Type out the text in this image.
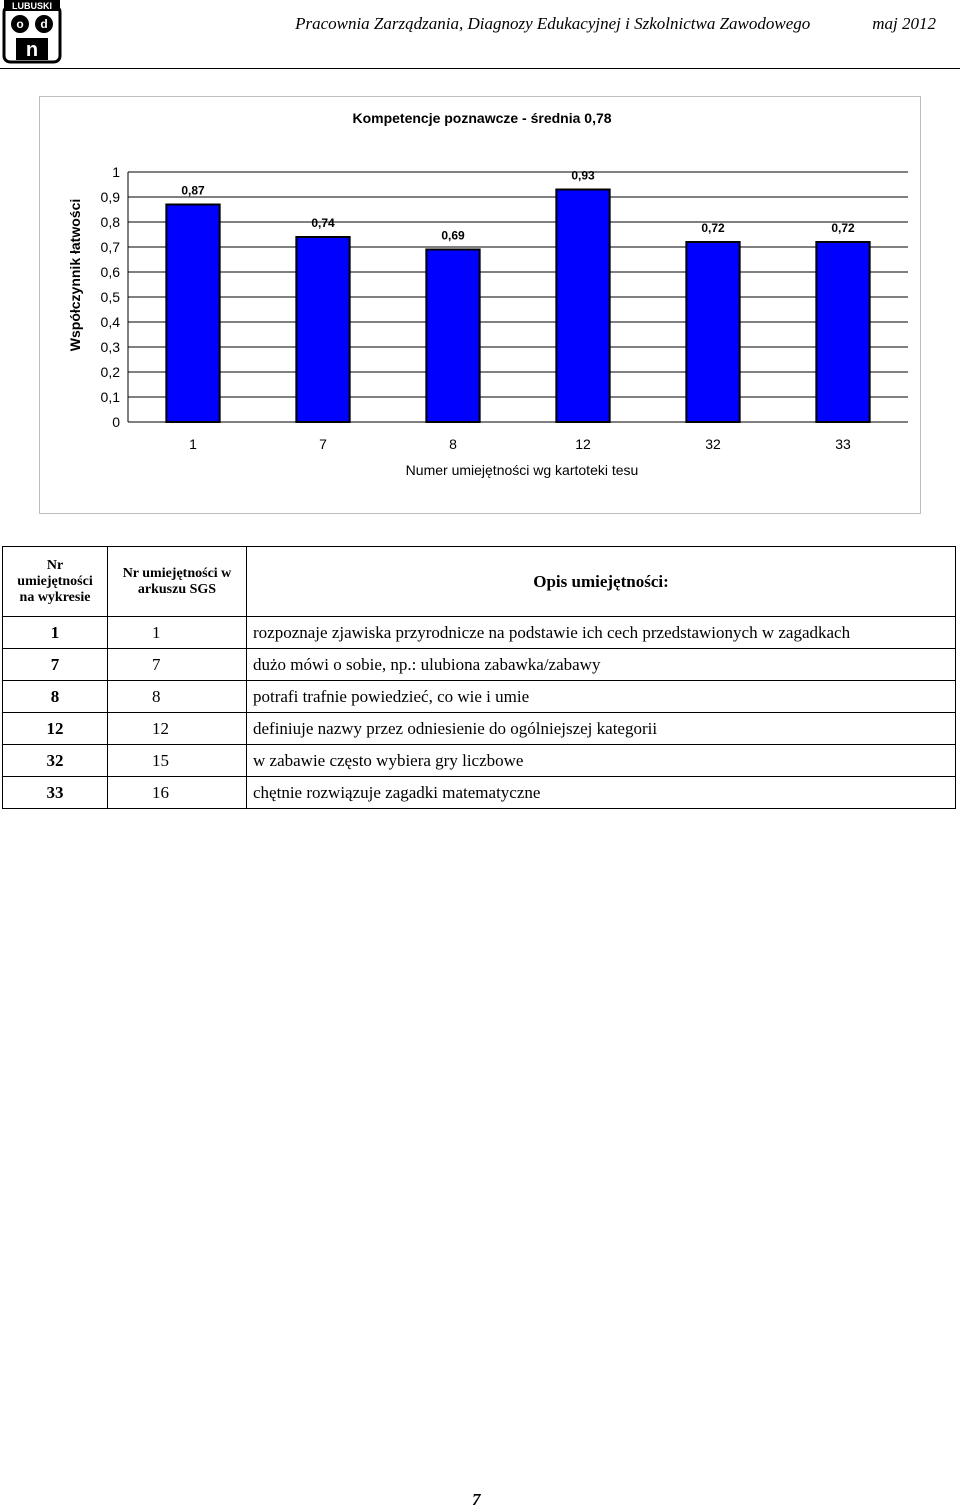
LUBUSKI
o d
n
Pracownia Zarządzania, Diagnozy Edukacyjnej i Szkolnictwa Zawodowego	maj 2012
Kompetencje poznawcze - średnia 0,78
0
0,1
0,2
0,3
0,4
0,5
0,6
0,7
0,8
0,9
1
0,87
1
0,74
7
0,69
8
0,93
12
0,72
32
0,72
33
Numer umiejętności wg kartoteki tesu
Współczynnik łatwości
Nr umiejętności na wykresie	Nr umiejętności w arkuszu SGS	Opis umiejętności:
1	1	rozpoznaje zjawiska przyrodnicze na podstawie ich cech przedstawionych w zagadkach
7	7	dużo mówi o sobie, np.: ulubiona zabawka/zabawy
8	8	potrafi trafnie powiedzieć, co wie i umie
12	12	definiuje nazwy przez odniesienie do ogólniejszej kategorii
32	15	w zabawie często wybiera gry liczbowe
33	16	chętnie rozwiązuje zagadki matematyczne
7
